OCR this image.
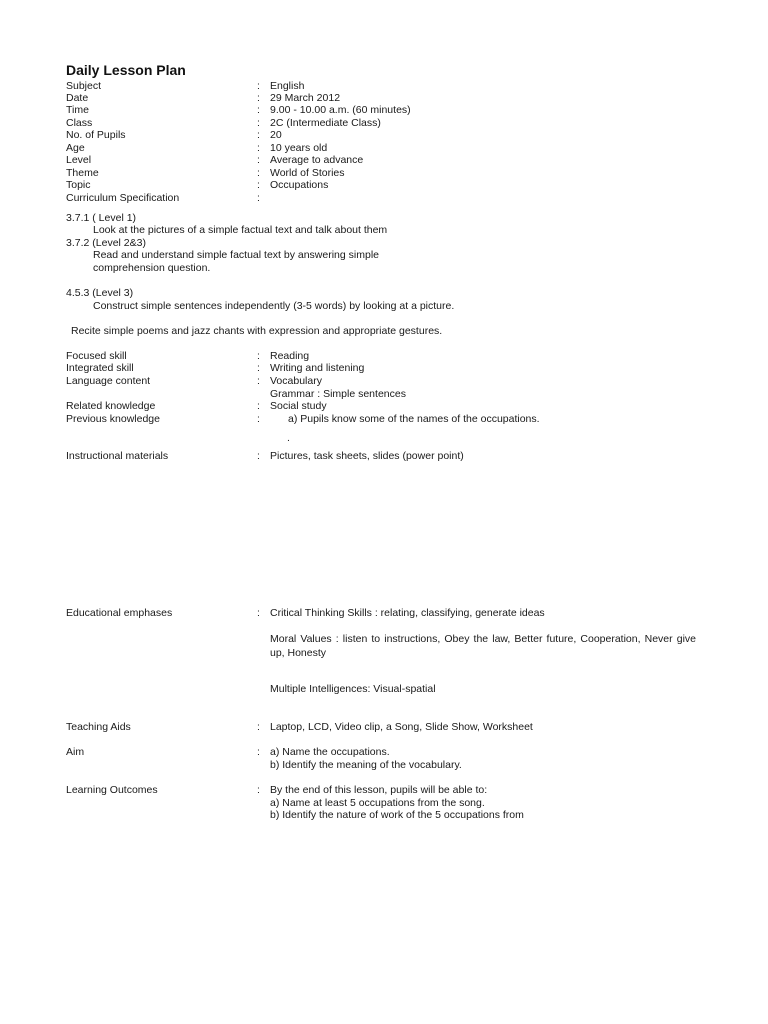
Daily Lesson Plan
Subject	: English
Date	: 29 March 2012
Time	: 9.00 - 10.00 a.m. (60 minutes)
Class	: 2C (Intermediate Class)
No. of Pupils	: 20
Age	: 10 years old
Level	: Average to advance
Theme	: World of Stories
Topic	: Occupations
Curriculum Specification	:
3.7.1 ( Level 1)
Look at the pictures of a simple factual text and talk about them
3.7.2 (Level 2&3)
Read and understand simple factual text by answering simple
comprehension question.
4.5.3 (Level 3)
Construct simple sentences independently (3-5 words) by looking at a picture.
Recite simple poems and jazz chants with expression and appropriate gestures.
Focused skill	: Reading
Integrated skill	: Writing and listening
Language content	: Vocabulary
Grammar : Simple sentences
Related knowledge	: Social study
Previous knowledge	:	a) Pupils know some of the names of the occupations.
.
Instructional materials	: Pictures, task sheets, slides (power point)
Educational emphases	: Critical Thinking Skills : relating, classifying, generate ideas
Moral Values : listen to instructions, Obey the law, Better future, Cooperation, Never give up, Honesty
Multiple Intelligences: Visual-spatial
Teaching Aids	: Laptop, LCD, Video clip, a Song, Slide Show, Worksheet
Aim	: a) Name the occupations.
b) Identify the meaning of the vocabulary.
Learning Outcomes	: By the end of this lesson, pupils will be able to:
a) Name at least 5 occupations from the song.
b) Identify the nature of work of the 5 occupations from
